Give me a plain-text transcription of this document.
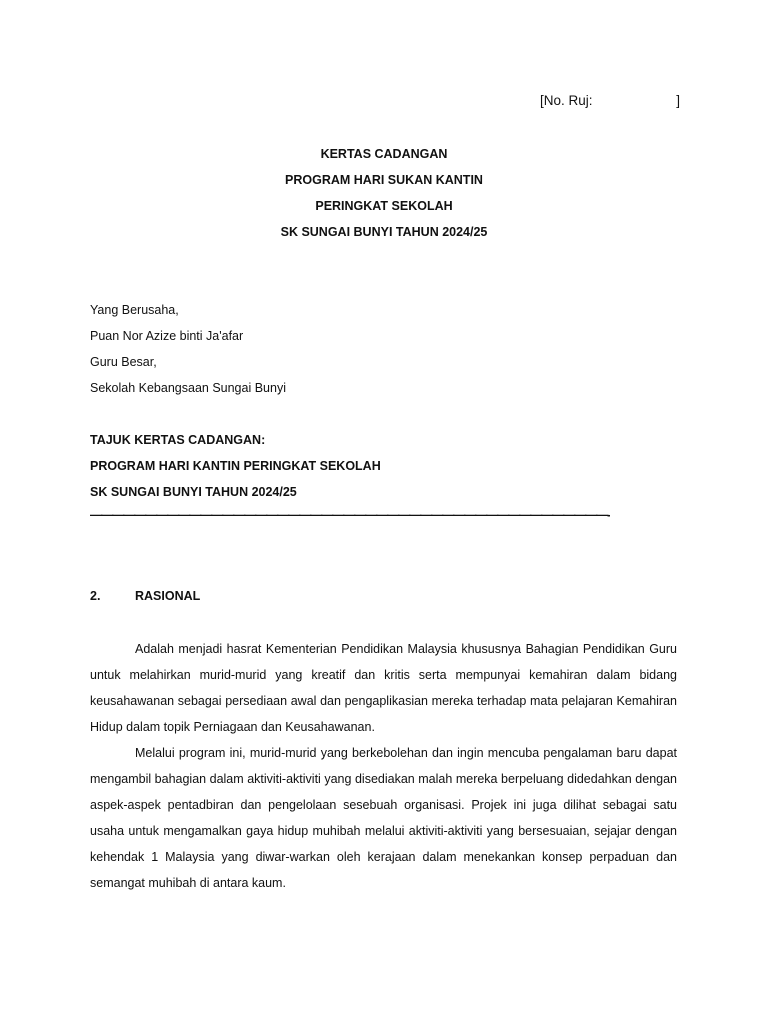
[No. Ruj:	]
KERTAS CADANGAN
PROGRAM HARI SUKAN KANTIN
PERINGKAT SEKOLAH
SK SUNGAI BUNYI TAHUN 2024/25
Yang Berusaha,
Puan Nor Azize binti Ja'afar
Guru Besar,
Sekolah Kebangsaan Sungai Bunyi
TAJUK KERTAS CADANGAN:
PROGRAM HARI KANTIN PERINGKAT SEKOLAH
SK SUNGAI BUNYI TAHUN 2024/25
———————————————————————————————————————————————-
2.	RASIONAL

Adalah menjadi hasrat Kementerian Pendidikan Malaysia khususnya Bahagian Pendidikan Guru untuk melahirkan murid-murid yang kreatif dan kritis serta mempunyai kemahiran dalam bidang keusahawanan sebagai persediaan awal dan pengaplikasian mereka terhadap mata pelajaran Kemahiran Hidup dalam topik Perniagaan dan Keusahawanan.

Melalui program ini, murid-murid yang berkebolehan dan ingin mencuba pengalaman baru dapat mengambil bahagian dalam aktiviti-aktiviti yang disediakan malah mereka berpeluang didedahkan dengan aspek-aspek pentadbiran dan pengelolaan sesebuah organisasi. Projek ini juga dilihat sebagai satu usaha untuk mengamalkan gaya hidup muhibah melalui aktiviti-aktiviti yang bersesuaian, sejajar dengan kehendak 1 Malaysia yang diwar-warkan oleh kerajaan dalam menekankan konsep perpaduan dan semangat muhibah di antara kaum.
